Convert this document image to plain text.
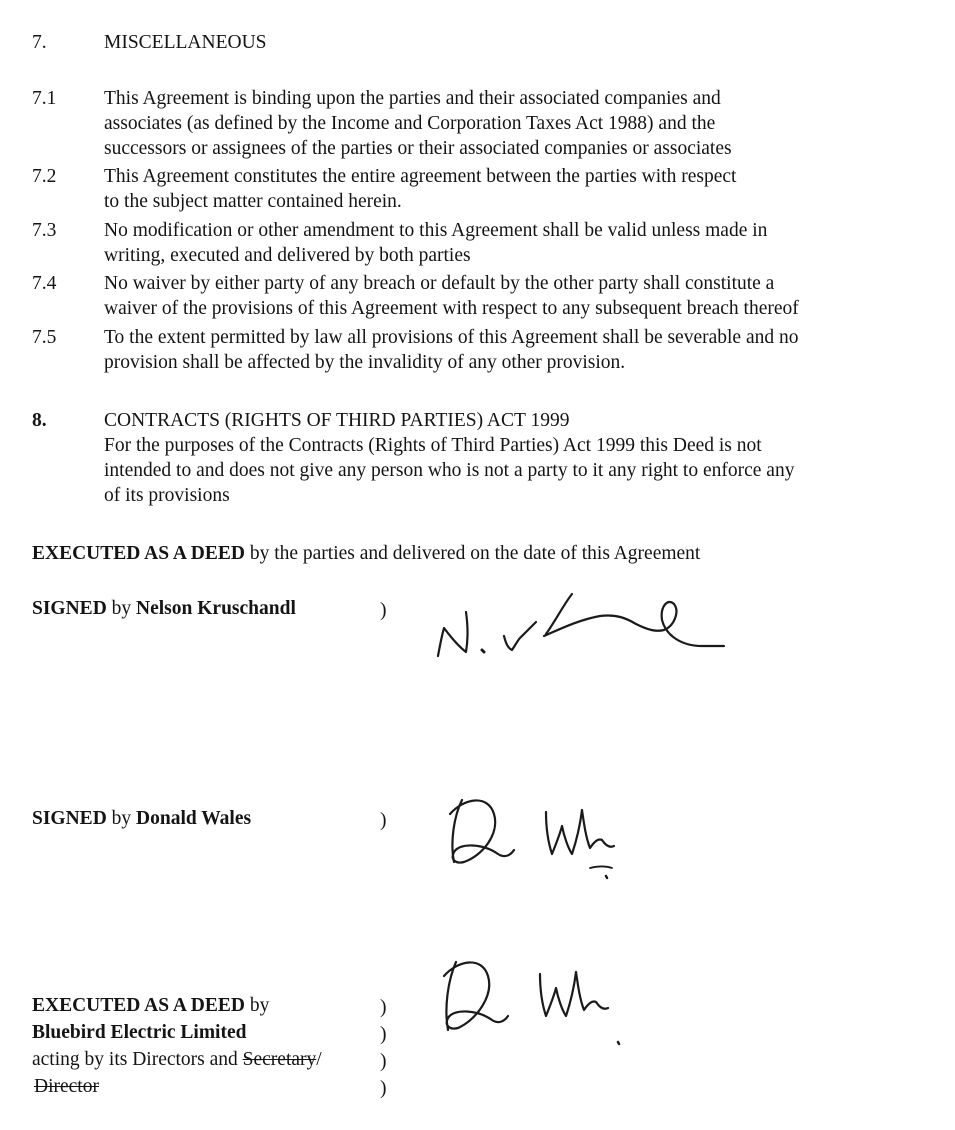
7.	MISCELLANEOUS
7.1 This Agreement is binding upon the parties and their associated companies and
associates (as defined by the Income and Corporation Taxes Act 1988) and the
successors or assignees of the parties or their associated companies or associates
7.2 This Agreement constitutes the entire agreement between the parties with respect
to the subject matter contained herein.
7.3 No modification or other amendment to this Agreement shall be valid unless made in
writing, executed and delivered by both parties
7.4 No waiver by either party of any breach or default by the other party shall constitute a
waiver of the provisions of this Agreement with respect to any subsequent breach thereof
7.5 To the extent permitted by law all provisions of this Agreement shall be severable and no
provision shall be affected by the invalidity of any other provision.
8.	CONTRACTS (RIGHTS OF THIRD PARTIES) ACT 1999
For the purposes of the Contracts (Rights of Third Parties) Act 1999 this Deed is not
intended to and does not give any person who is not a party to it any right to enforce any
of its provisions
EXECUTED AS A DEED by the parties and delivered on the date of this Agreement
SIGNED by Nelson Kruschandl	)
SIGNED by Donald Wales	)
EXECUTED AS A DEED by
Bluebird Electric Limited
acting by its Directors and Secretary/
Director
)
)
)
)
